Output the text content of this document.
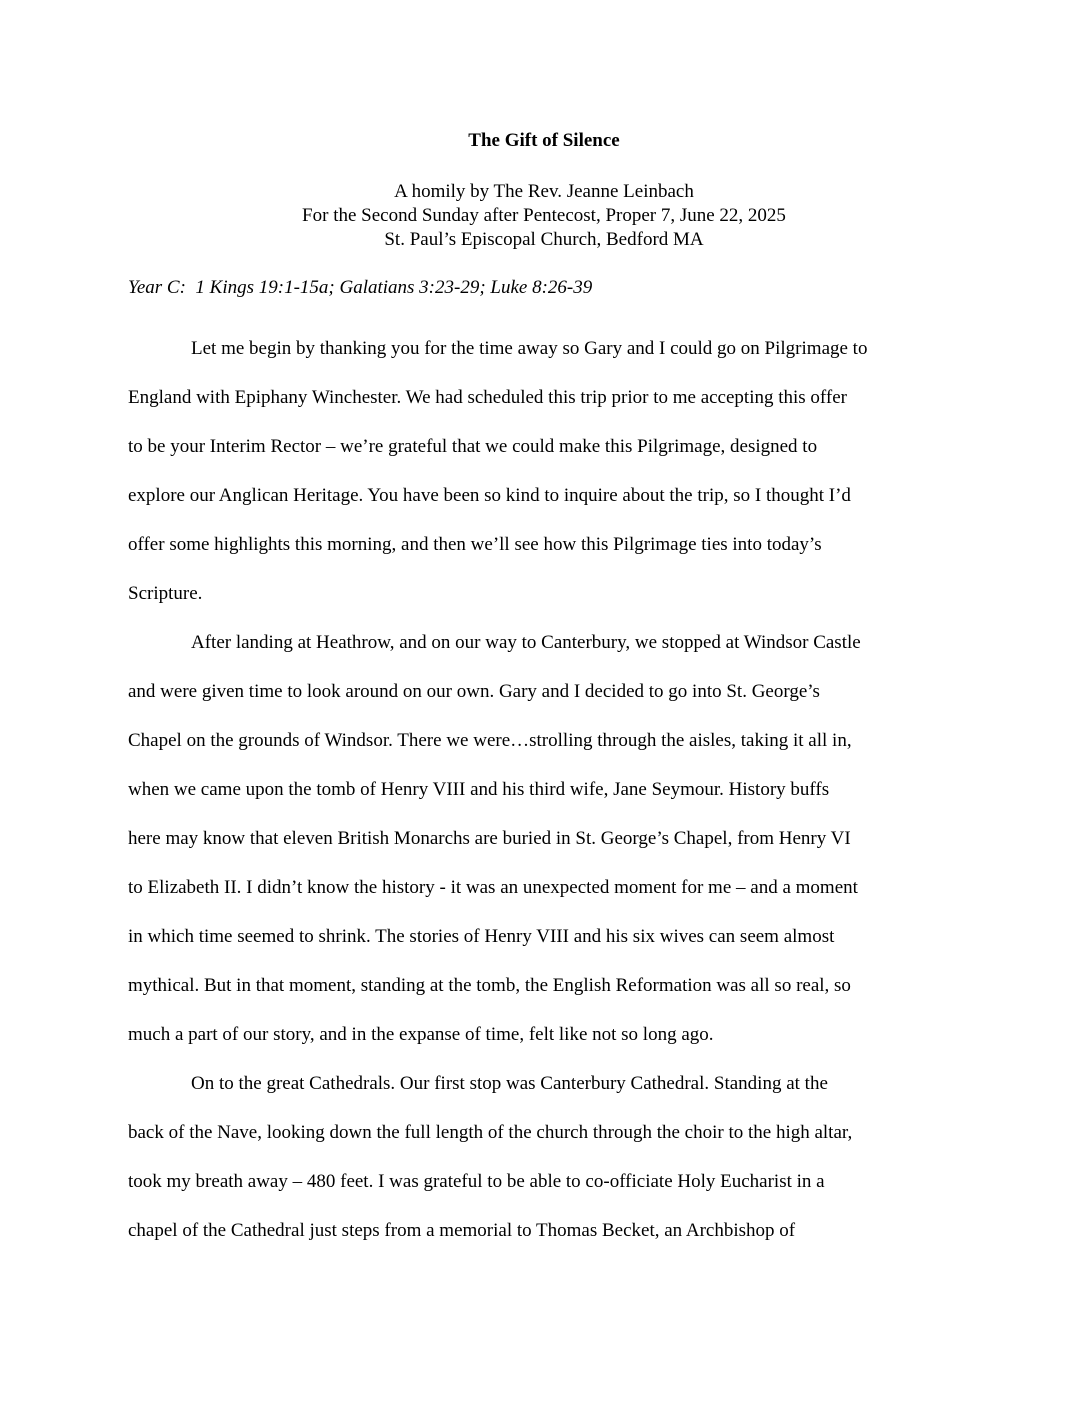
The Gift of Silence
A homily by The Rev. Jeanne Leinbach
For the Second Sunday after Pentecost, Proper 7, June 22, 2025
St. Paul’s Episcopal Church, Bedford MA
Year C:  1 Kings 19:1-15a; Galatians 3:23-29; Luke 8:26-39
Let me begin by thanking you for the time away so Gary and I could go on Pilgrimage to
England with Epiphany Winchester. We had scheduled this trip prior to me accepting this offer
to be your Interim Rector – we’re grateful that we could make this Pilgrimage, designed to
explore our Anglican Heritage. You have been so kind to inquire about the trip, so I thought I’d
offer some highlights this morning, and then we’ll see how this Pilgrimage ties into today’s
Scripture.
After landing at Heathrow, and on our way to Canterbury, we stopped at Windsor Castle
and were given time to look around on our own. Gary and I decided to go into St. George’s
Chapel on the grounds of Windsor. There we were…strolling through the aisles, taking it all in,
when we came upon the tomb of Henry VIII and his third wife, Jane Seymour. History buffs
here may know that eleven British Monarchs are buried in St. George’s Chapel, from Henry VI
to Elizabeth II. I didn’t know the history - it was an unexpected moment for me – and a moment
in which time seemed to shrink. The stories of Henry VIII and his six wives can seem almost
mythical. But in that moment, standing at the tomb, the English Reformation was all so real, so
much a part of our story, and in the expanse of time, felt like not so long ago.
On to the great Cathedrals. Our first stop was Canterbury Cathedral. Standing at the
back of the Nave, looking down the full length of the church through the choir to the high altar,
took my breath away – 480 feet. I was grateful to be able to co-officiate Holy Eucharist in a
chapel of the Cathedral just steps from a memorial to Thomas Becket, an Archbishop of
